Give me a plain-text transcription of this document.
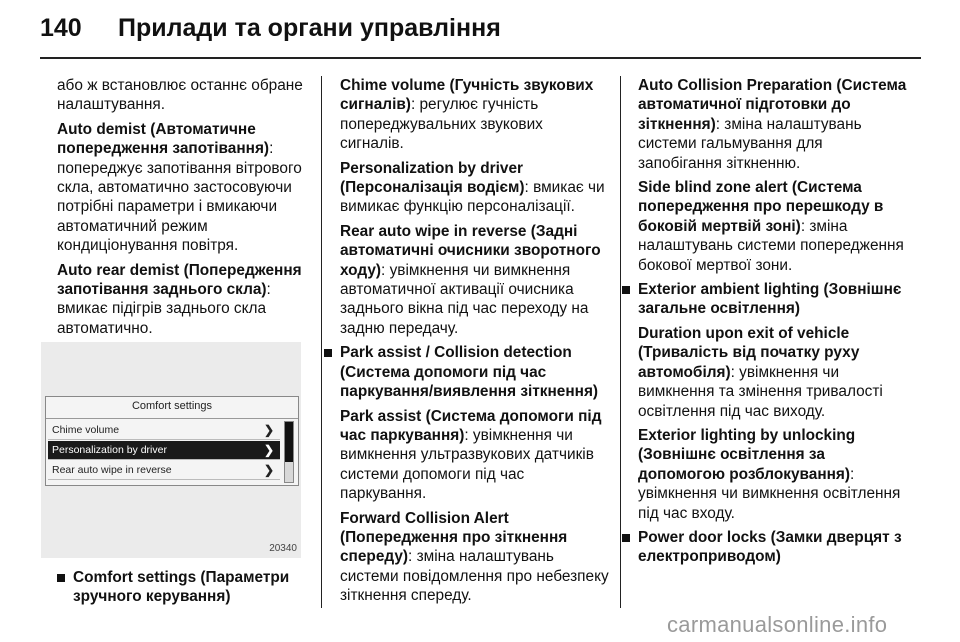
140 Прилади та органи управління

або ж встановлює останнє обране налаштування.

Auto demist (Автоматичне попередження запотівання): попереджує запотівання вітрового скла, автоматично застосовуючи потрібні параметри і вмикаючи автоматичний режим кондиціонування повітря.

Auto rear demist (Попередження запотівання заднього скла): вмикає підігрів заднього скла автоматично.

Comfort settings
Chime volume	❯
Personalization by driver	❯
Rear auto wipe in reverse	❯
20340

Comfort settings (Параметри зручного керування)

Chime volume (Гучність звукових сигналів): регулює гучність попереджувальних звукових сигналів.

Personalization by driver (Персоналізація водієм): вмикає чи вимикає функцію персоналізації.

Rear auto wipe in reverse (Задні автоматичні очисники зворотного ходу): увімкнення чи вимкнення автоматичної активації очисника заднього вікна під час переходу на задню передачу.

Park assist / Collision detection (Система допомоги під час паркування/виявлення зіткнення)

Park assist (Система допомоги під час паркування): увімкнення чи вимкнення ультразвукових датчиків системи допомоги під час паркування.

Forward Collision Alert (Попередження про зіткнення спереду): зміна налаштувань системи повідомлення про небезпеку зіткнення спереду.

Auto Collision Preparation (Система автоматичної підготовки до зіткнення): зміна налаштувань системи гальмування для запобігання зіткненню.

Side blind zone alert (Система попередження про перешкоду в боковій мертвій зоні): зміна налаштувань системи попередження бокової мертвої зони.

Exterior ambient lighting (Зовнішнє загальне освітлення)

Duration upon exit of vehicle (Тривалість від початку руху автомобіля): увімкнення чи вимкнення та змінення тривалості освітлення під час виходу.

Exterior lighting by unlocking (Зовнішнє освітлення за допомогою розблокування): увімкнення чи вимкнення освітлення під час входу.

Power door locks (Замки дверцят з електроприводом)

carmanualsonline.info
